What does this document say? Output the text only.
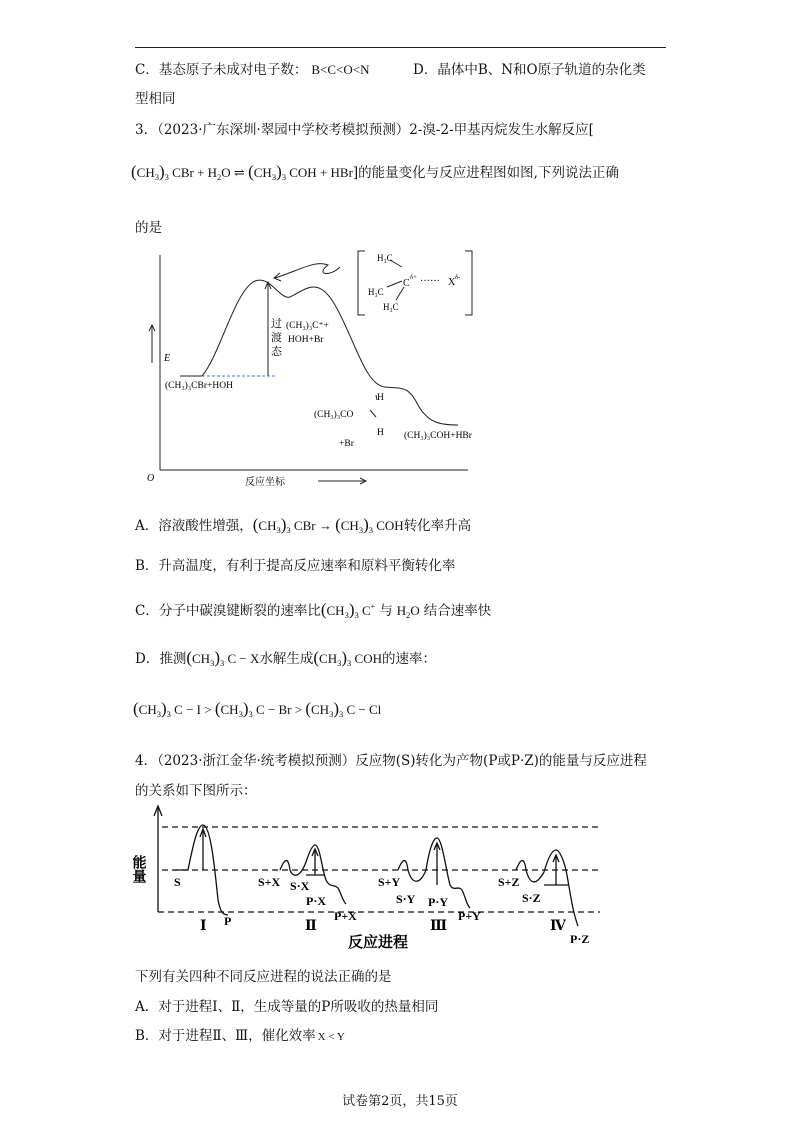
C．基态原子未成对电子数： B<C<O<N	D．晶体中B、N和O原子轨道的杂化类
型相同
3．（2023·广东深圳·翠园中学校考模拟预测）2-溴-2-甲基丙烷发生水解反应[
$(CH_3)_3$ CBr + $H_2O$ ⇌ $(CH_3)_3$ COH + HBr]的能量变化与反应进程图如图,下列说法正确
的是
E
O	反应坐标
过
渡
态
(CH₃)₃CBr+HOH
(CH₃)₃C⁺+
HOH+Br
(CH₃)₃CO
H
H
+Br
(CH₃)₃COH+HBr
H₃C
H₃C
C
δ+ ······ X δ-
H₃C
A．溶液酸性增强，$(CH_3)_3$ CBr → $(CH_3)_3$ COH转化率升高
B．升高温度，有利于提高反应速率和原料平衡转化率
C．分子中碳溴键断裂的速率比$(CH_3)_3$ C+ 与 $H_2O$ 结合速率快
D．推测$(CH_3)_3$ C − X水解生成$(CH_3)_3$ COH的速率：
$(CH_3)_3$ $C - I > (CH_3)_3$ $C - Br > (CH_3)_3$ C − Cl
4．（2023·浙江金华·统考模拟预测）反应物(S)转化为产物(P或P·Z)的能量与反应进程
的关系如下图所示：
能量 S
Ⅰ P
S+X S·X
P·X
P+X
Ⅱ
S+Y
S·Y P·Y
P+Y
Ⅲ
S+Z
S·Z
Ⅳ
P·Z
反应进程
下列有关四种不同反应进程的说法正确的是
A．对于进程Ⅰ、Ⅱ，生成等量的P所吸收的热量相同
B．对于进程Ⅱ、Ⅲ，催化效率 X < Y
试卷第2页，共15页
